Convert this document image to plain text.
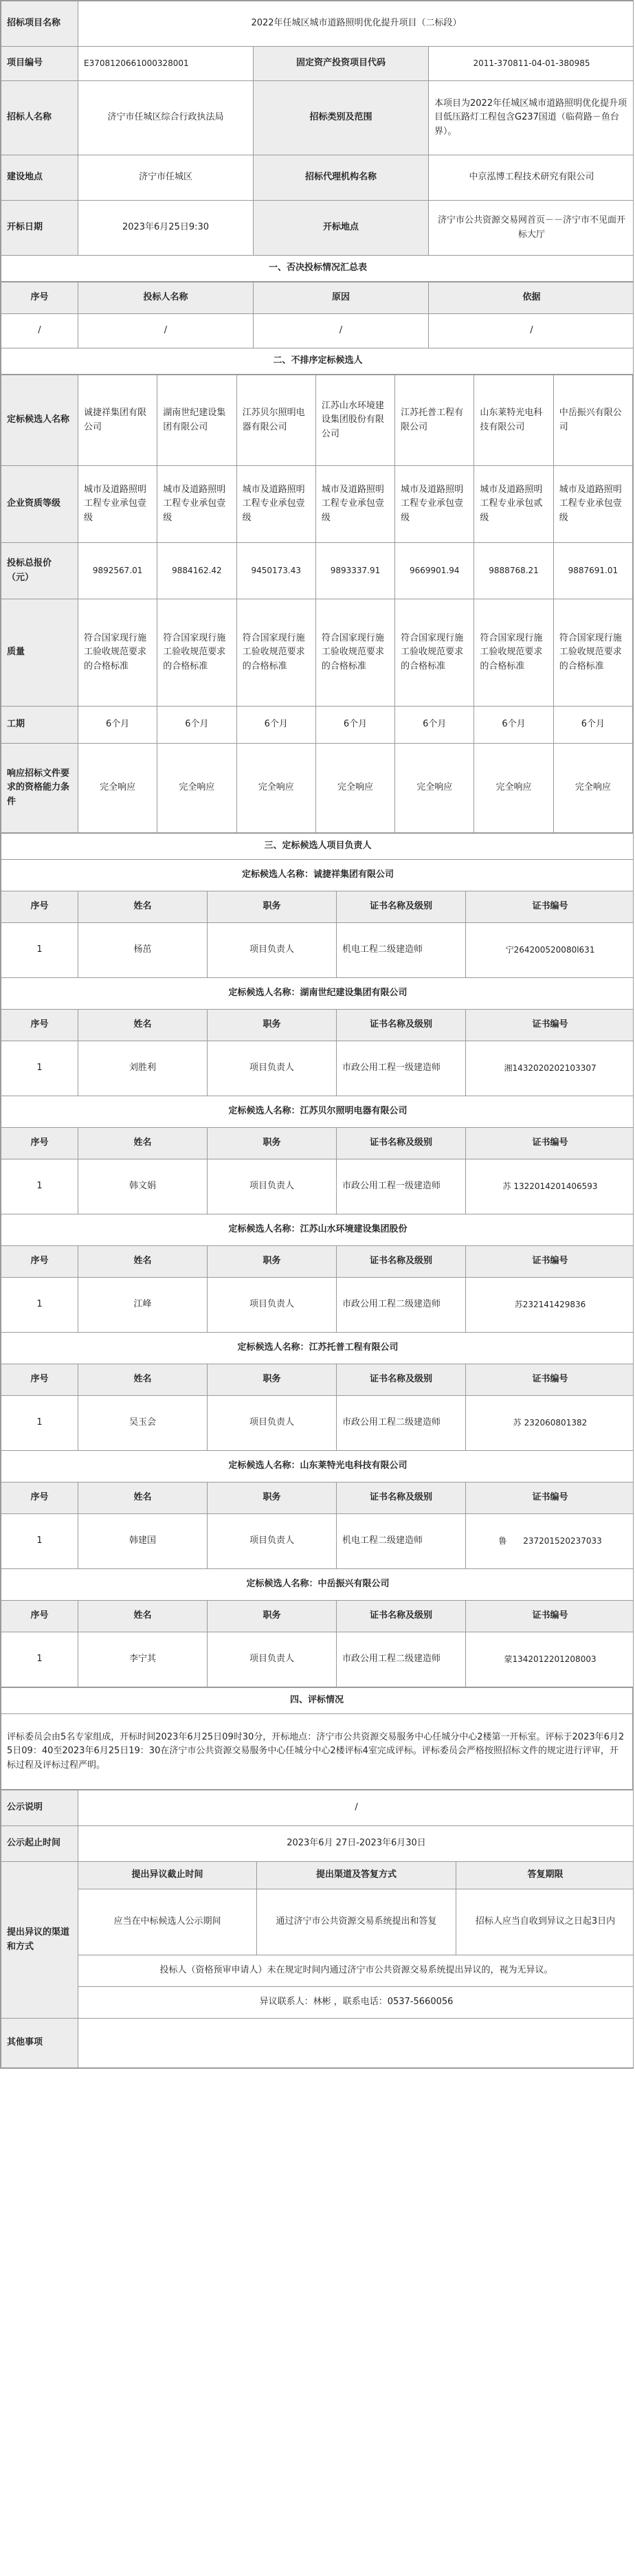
招标项目名称	2022年任城区城市道路照明优化提升项目（二标段）		
项目编号	E3708120661000328001	固定资产投资项目代码	2011-370811-04-01-380985
招标人名称	济宁市任城区综合行政执法局	招标类别及范围	本项目为2022年任城区城市道路照明优化提升项目低压路灯工程包含G237国道（临荷路－鱼台界）。
建设地点	济宁市任城区	招标代理机构名称	中京泓博工程技术研究有限公司
开标日期	2023年6月25日9:30	开标地点	济宁市公共资源交易网首页－－济宁市不见面开标大厅
一、否决投标情况汇总表			
序号	投标人名称	原因	依据
/	/	/	/
二、不排序定标候选人			
定标候选人名称	诚捷祥集团有限公司	湖南世纪建设集团有限公司	江苏贝尔照明电器有限公司	江苏山水环境建设集团股份有限公司	江苏托普工程有限公司	山东莱特光电科技有限公司	中岳振兴有限公司
企业资质等级	城市及道路照明工程专业承包壹级	城市及道路照明工程专业承包壹级	城市及道路照明工程专业承包壹级	城市及道路照明工程专业承包壹级	城市及道路照明工程专业承包壹级	城市及道路照明工程专业承包贰级	城市及道路照明工程专业承包壹级
投标总报价（元）	9892567.01	9884162.42	9450173.43	9893337.91	9669901.94	9888768.21	9887691.01
质量	符合国家现行施工验收规范要求的合格标准	符合国家现行施工验收规范要求的合格标准	符合国家现行施工验收规范要求的合格标准	符合国家现行施工验收规范要求的合格标准	符合国家现行施工验收规范要求的合格标准	符合国家现行施工验收规范要求的合格标准	符合国家现行施工验收规范要求的合格标准
工期	6个月	6个月	6个月	6个月	6个月	6个月	6个月
响应招标文件要求的资格能力条件	完全响应	完全响应	完全响应	完全响应	完全响应	完全响应	完全响应
三、定标候选人项目负责人				
定标候选人名称：诚捷祥集团有限公司				
序号	姓名	职务	证书名称及级别	证书编号
1	杨茁	项目负责人	机电工程二级建造师	宁264200520080l631
定标候选人名称：湖南世纪建设集团有限公司				
序号	姓名	职务	证书名称及级别	证书编号
1	刘胜利	项目负责人	市政公用工程一级建造师	湘1432020202103307
定标候选人名称：江苏贝尔照明电器有限公司				
序号	姓名	职务	证书名称及级别	证书编号
1	韩文娟	项目负责人	市政公用工程一级建造师	苏 1322014201406593
定标候选人名称：江苏山水环境建设集团股份				
序号	姓名	职务	证书名称及级别	证书编号
1	江峰	项目负责人	市政公用工程二级建造师	苏232141429836
定标候选人名称：江苏托普工程有限公司				
序号	姓名	职务	证书名称及级别	证书编号
1	吴玉会	项目负责人	市政公用工程二级建造师	苏 232060801382
定标候选人名称：山东莱特光电科技有限公司				
序号	姓名	职务	证书名称及级别	证书编号
1	韩建国	项目负责人	机电工程二级建造师	鲁　　237201520237033
定标候选人名称：中岳振兴有限公司				
序号	姓名	职务	证书名称及级别	证书编号
1	李宁其	项目负责人	市政公用工程二级建造师	蒙1342012201208003
四、评标情况
评标委员会由5名专家组成，开标时间2023年6月25日09时30分，开标地点：济宁市公共资源交易服务中心任城分中心2楼第一开标室。评标于2023年6月25日09：40至2023年6月25日19：30在济宁市公共资源交易服务中心任城分中心2楼评标4室完成评标。评标委员会严格按照招标文件的规定进行评审，开标过程及评标过程严明。
公示说明	/		
公示起止时间	2023年6月 27日-2023年6月30日		
提出异议的渠道和方式	提出异议截止时间	提出渠道及答复方式	答复期限
	应当在中标候选人公示期间	通过济宁市公共资源交易系统提出和答复	招标人应当自收到异议之日起3日内
	投标人（资格预审申请人）未在规定时间内通过济宁市公共资源交易系统提出异议的，视为无异议。		
	异议联系人：林彬 ，联系电话：0537-5660056		
其他事项			
